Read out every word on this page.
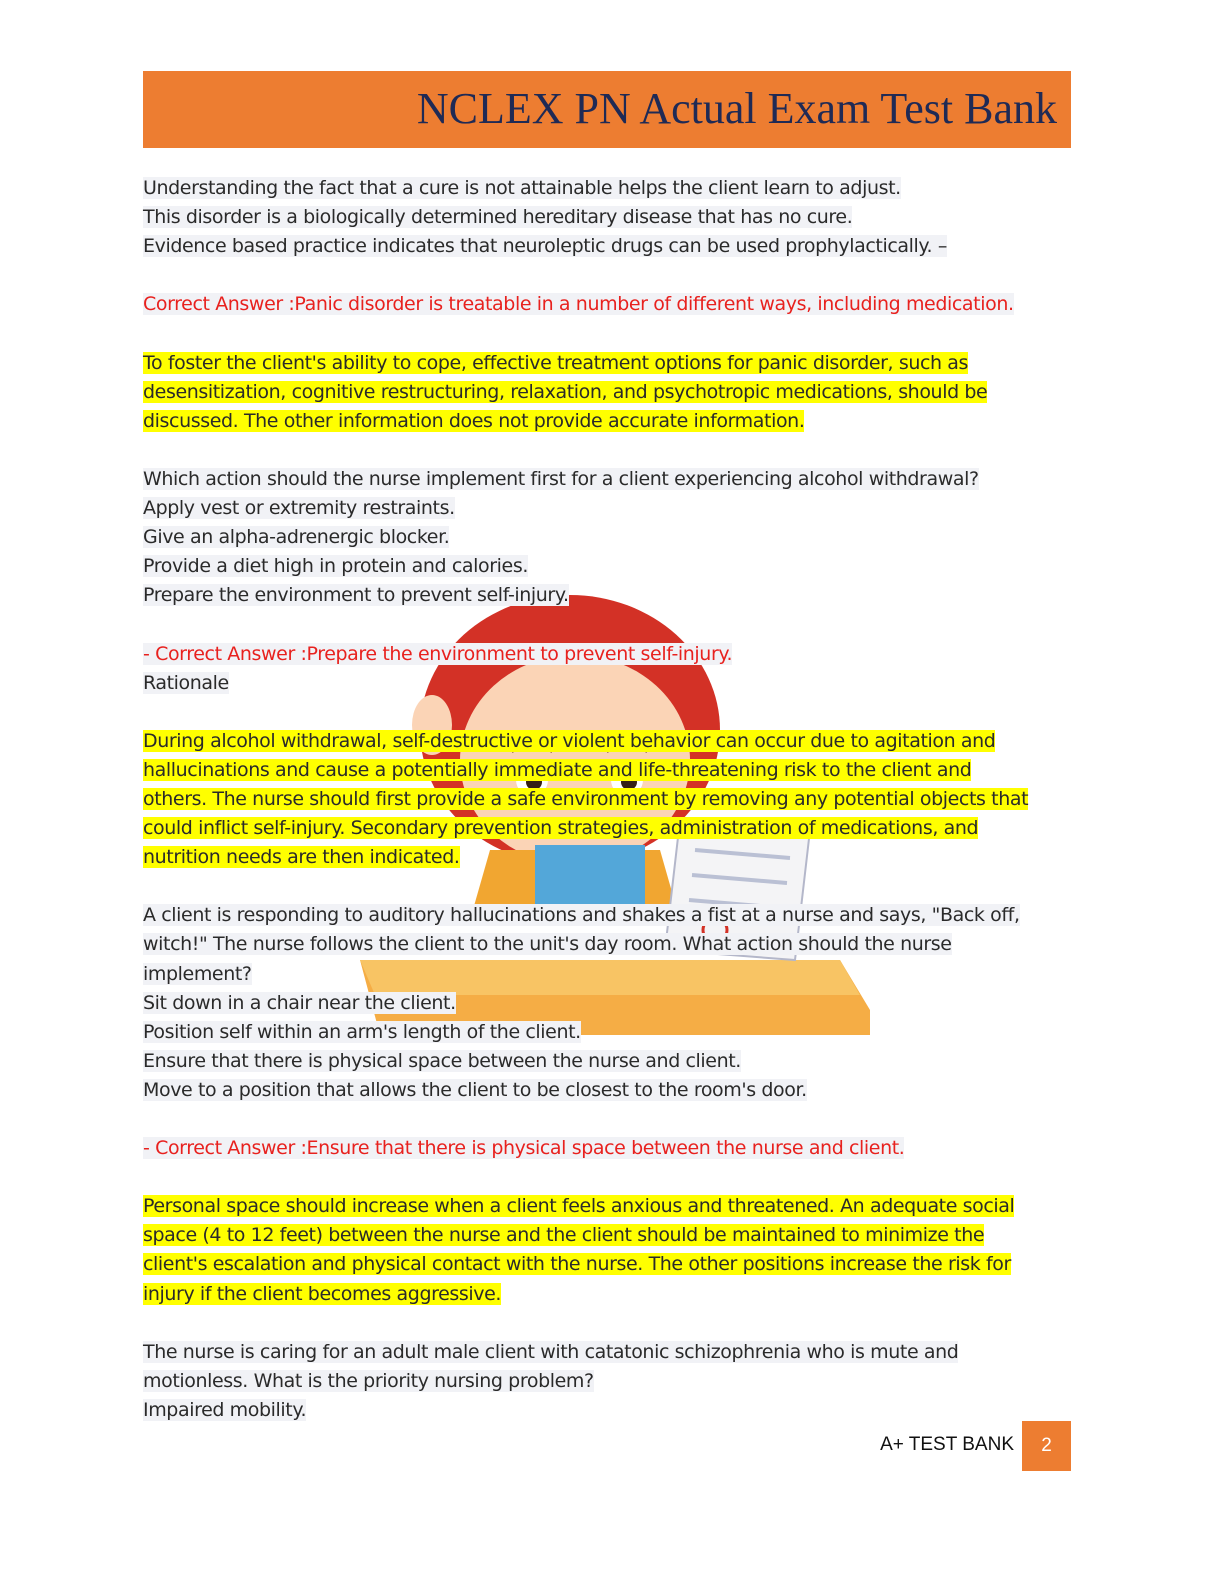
NCLEX PN Actual Exam Test Bank
Understanding the fact that a cure is not attainable helps the client learn to adjust.
This disorder is a biologically determined hereditary disease that has no cure.
Evidence based practice indicates that neuroleptic drugs can be used prophylactically. –
Correct Answer :Panic disorder is treatable in a number of different ways, including medication.
To foster the client's ability to cope, effective treatment options for panic disorder, such as
desensitization, cognitive restructuring, relaxation, and psychotropic medications, should be
discussed. The other information does not provide accurate information.
Which action should the nurse implement first for a client experiencing alcohol withdrawal?
Apply vest or extremity restraints.
Give an alpha-adrenergic blocker.
Provide a diet high in protein and calories.
Prepare the environment to prevent self-injury.
- Correct Answer :Prepare the environment to prevent self-injury.
Rationale
During alcohol withdrawal, self-destructive or violent behavior can occur due to agitation and
hallucinations and cause a potentially immediate and life-threatening risk to the client and
others. The nurse should first provide a safe environment by removing any potential objects that
could inflict self-injury. Secondary prevention strategies, administration of medications, and
nutrition needs are then indicated.
A client is responding to auditory hallucinations and shakes a fist at a nurse and says, "Back off,
witch!" The nurse follows the client to the unit's day room. What action should the nurse
implement?
Sit down in a chair near the client.
Position self within an arm's length of the client.
Ensure that there is physical space between the nurse and client.
Move to a position that allows the client to be closest to the room's door.
- Correct Answer :Ensure that there is physical space between the nurse and client.
Personal space should increase when a client feels anxious and threatened. An adequate social
space (4 to 12 feet) between the nurse and the client should be maintained to minimize the
client's escalation and physical contact with the nurse. The other positions increase the risk for
injury if the client becomes aggressive.
The nurse is caring for an adult male client with catatonic schizophrenia who is mute and
motionless. What is the priority nursing problem?
Impaired mobility.
A+ TEST BANK	2
